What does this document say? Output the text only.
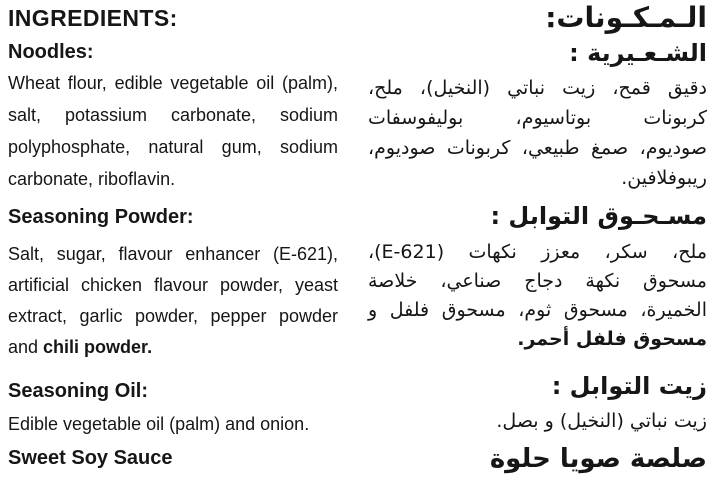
INGREDIENTS:
Noodles:
Wheat flour, edible vegetable oil (palm),
salt, potassium carbonate, sodium
polyphosphate, natural gum, sodium
carbonate, riboflavin.
Seasoning Powder:
Salt, sugar, flavour enhancer (E-621),
artificial chicken flavour powder, yeast
extract, garlic powder, pepper powder
and chili powder.
Seasoning Oil:
Edible vegetable oil (palm) and onion.
Sweet Soy Sauce
الـمـكـونات:
الشـعـيرية :
دقيق قمح، زيت نباتي (النخيل)، ملح،
كربونات بوتاسيوم، بوليفوسفات
صوديوم، صمغ طبيعي، كربونات صوديوم،
ريبوفلافين.
مسـحـوق التوابل :
ملح، سكر، معزز نكهات (E-621)،
مسحوق نكهة دجاج صناعي، خلاصة
الخميرة، مسحوق ثوم، مسحوق فلفل و
مسحوق فلفل أحمر.
زيت التوابل :
زيت نباتي (النخيل) و بصل.
صلصة صويا حلوة
